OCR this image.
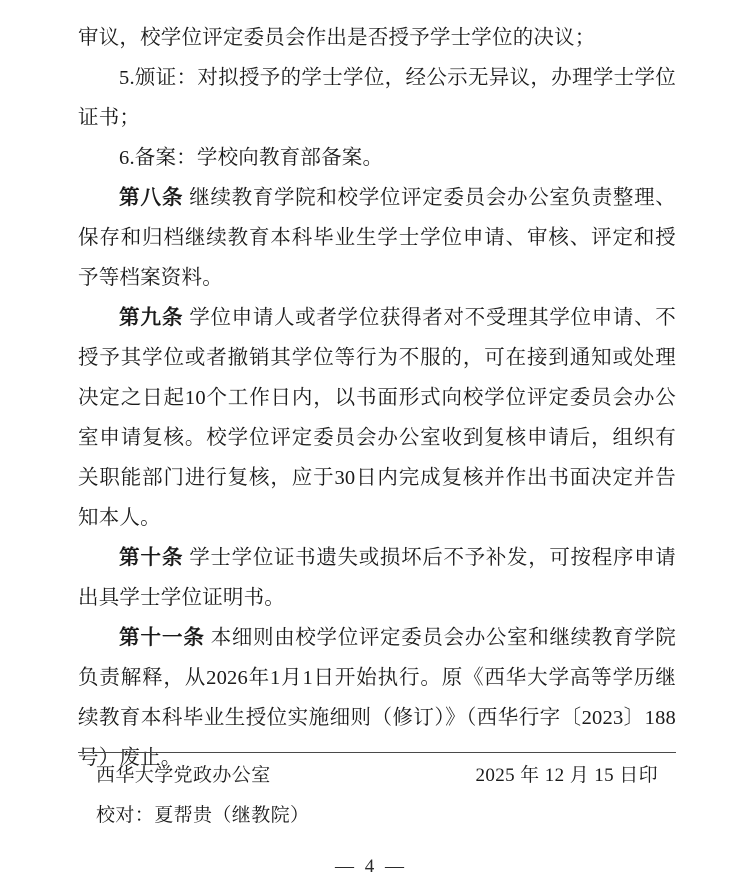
审议，校学位评定委员会作出是否授予学士学位的决议；

5.颁证：对拟授予的学士学位，经公示无异议，办理学士学位证书；

6.备案：学校向教育部备案。

第八条 继续教育学院和校学位评定委员会办公室负责整理、保存和归档继续教育本科毕业生学士学位申请、审核、评定和授予等档案资料。

第九条 学位申请人或者学位获得者对不受理其学位申请、不授予其学位或者撤销其学位等行为不服的，可在接到通知或处理决定之日起10个工作日内，以书面形式向校学位评定委员会办公室申请复核。校学位评定委员会办公室收到复核申请后，组织有关职能部门进行复核，应于30日内完成复核并作出书面决定并告知本人。

第十条 学士学位证书遗失或损坏后不予补发，可按程序申请出具学士学位证明书。

第十一条 本细则由校学位评定委员会办公室和继续教育学院负责解释，从2026年1月1日开始执行。原《西华大学高等学历继续教育本科毕业生授位实施细则（修订）》（西华行字〔2023〕188号）废止。

西华大学党政办公室	2025 年 12 月 15 日印
校对：夏帮贵（继教院）
— 4 —
